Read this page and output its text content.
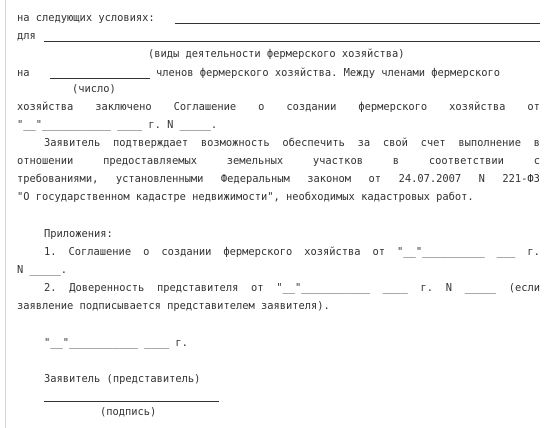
на следующих условиях:
для
(виды деятельности фермерского хозяйства)
на	членов фермерского хозяйства. Между членами фермерского
(число)
хозяйства заключено Соглашение о создании фермерского хозяйства от
"__"___________ ____ г. N _____.
Заявитель подтверждает возможность обеспечить за свой счет выполнение в
отношении	предоставляемых	земельных	участков	в	соответствии	с
требованиями, установленными Федеральным законом от 24.07.2007 N 221-ФЗ
"О государственном кадастре недвижимости", необходимых кадастровых работ.
Приложения:
1. Соглашение о создании фермерского хозяйства от "__"__________ ___ г.
N _____.
2. Доверенность представителя от "__"___________ ____ г. N _____ (если
заявление подписывается представителем заявителя).
"__"___________ ____ г.
Заявитель (представитель)
(подпись)
